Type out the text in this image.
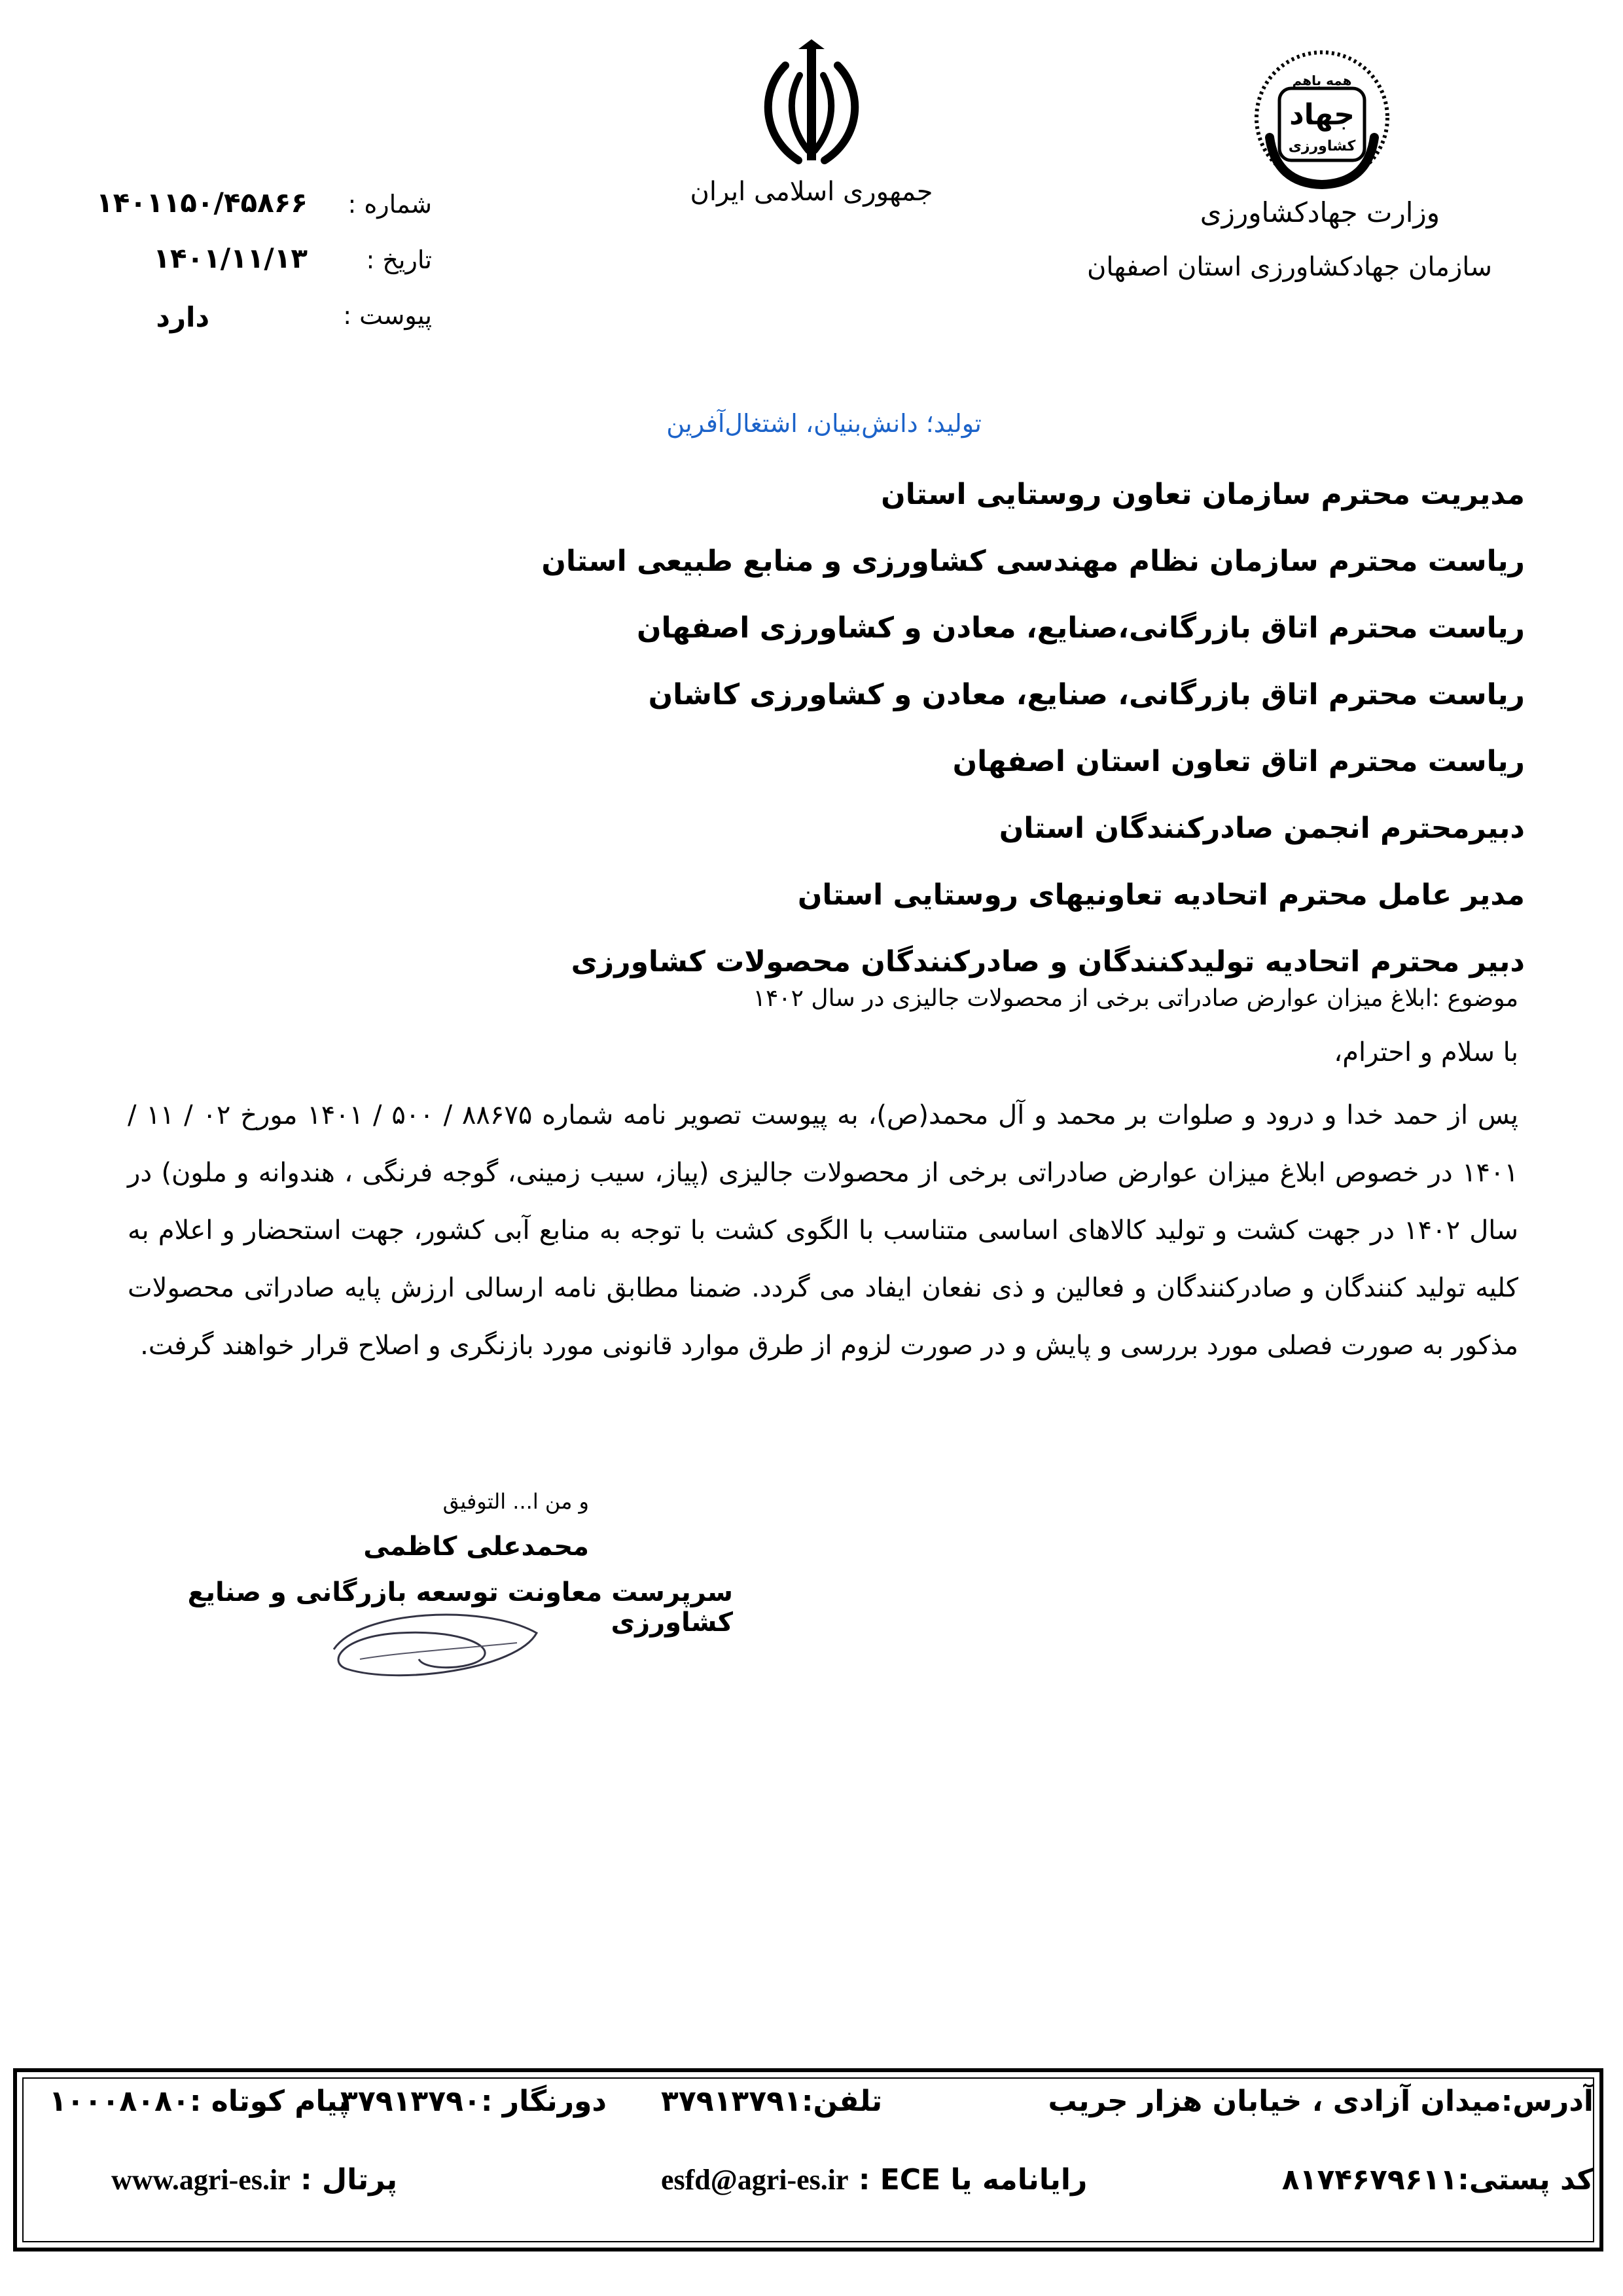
همه باهم
جهاد
کشاورزی
جمهوری اسلامی ایران
وزارت جهادکشاورزی
سازمان جهادکشاورزی استان اصفهان
شماره :
۱۴۰۱۱۵۰/۴۵۸۶۶
تاریخ :
۱۴۰۱/۱۱/۱۳
پیوست :
دارد
تولید؛ دانش‌بنیان، اشتغال‌آفرین
مدیریت محترم سازمان تعاون روستایی استان
ریاست محترم سازمان نظام مهندسی کشاورزی و منابع طبیعی استان
ریاست محترم اتاق بازرگانی،صنایع، معادن و کشاورزی اصفهان
ریاست محترم اتاق بازرگانی، صنایع، معادن و کشاورزی کاشان
ریاست محترم اتاق تعاون استان اصفهان
دبیرمحترم انجمن صادرکنندگان استان
مدیر عامل محترم اتحادیه تعاونیهای روستایی استان
دبیر محترم اتحادیه تولیدکنندگان و صادرکنندگان محصولات کشاورزی
موضوع :ابلاغ میزان عوارض صادراتی برخی از محصولات جالیزی در سال ۱۴۰۲
با سلام و احترام،
پس از حمد خدا و درود و صلوات بر محمد و آل محمد(ص)، به پیوست تصویر نامه شماره ۸۸۶۷۵ / ۵۰۰ / ۱۴۰۱ مورخ ۰۲ / ۱۱ / ۱۴۰۱ در خصوص ابلاغ میزان عوارض صادراتی برخی از محصولات جالیزی (پیاز، سیب زمینی، گوجه فرنگی ، هندوانه و ملون) در سال ۱۴۰۲ در جهت کشت و تولید کالاهای اساسی متناسب با الگوی کشت با توجه به منابع آبی کشور، جهت استحضار و اعلام به کلیه تولید کنندگان و صادرکنندگان و فعالین و ذی نفعان ایفاد می گردد. ضمنا مطابق نامه ارسالی ارزش پایه صادراتی محصولات مذکور به صورت فصلی مورد بررسی و پایش و در صورت لزوم از طرق موارد قانونی مورد بازنگری و اصلاح قرار خواهند گرفت.
و من ا... التوفیق
محمدعلی کاظمی
سرپرست معاونت توسعه بازرگانی و صنایع کشاورزی
آدرس:میدان آزادی ، خیابان هزار جریب
تلفن:۳۷۹۱۳۷۹۱
دورنگار :۳۷۹۱۳۷۹۰
پیام کوتاه :۱۰۰۰۸۰۸۰
کد پستی:۸۱۷۴۶۷۹۶۱۱
رایانامه یا ECE : esfd@agri-es.ir
پرتال : www.agri-es.ir
